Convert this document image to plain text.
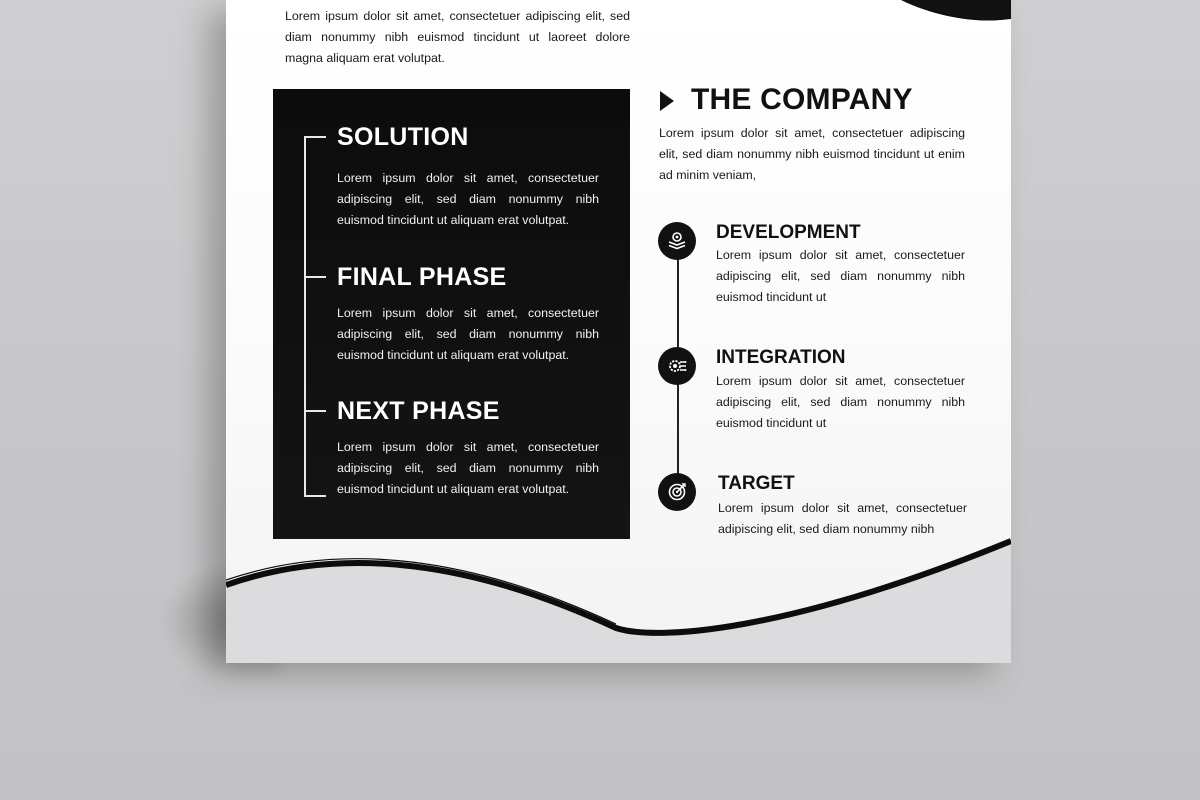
Lorem ipsum dolor sit amet, consectetuer adipiscing elit, sed diam nonummy nibh euismod tincidunt ut laoreet dolore magna aliquam erat volutpat.

SOLUTION

Lorem ipsum dolor sit amet, consectetuer adipiscing elit, sed diam nonummy nibh euismod tincidunt ut aliquam erat volutpat.

FINAL PHASE

Lorem ipsum dolor sit amet, consectetuer adipiscing elit, sed diam nonummy nibh euismod tincidunt ut aliquam erat volutpat.

NEXT PHASE

Lorem ipsum dolor sit amet, consectetuer adipiscing elit, sed diam nonummy nibh euismod tincidunt ut aliquam erat volutpat.

THE COMPANY

Lorem ipsum dolor sit amet, consectetuer adipiscing elit, sed diam nonummy nibh euismod tincidunt ut enim ad minim veniam,

DEVELOPMENT

Lorem ipsum dolor sit amet, consectetuer adipiscing elit, sed diam nonummy nibh euismod tincidunt ut

INTEGRATION

Lorem ipsum dolor sit amet, consectetuer adipiscing elit, sed diam nonummy nibh euismod tincidunt ut

TARGET

Lorem ipsum dolor sit amet, consectetuer adipiscing elit, sed diam nonummy nibh
